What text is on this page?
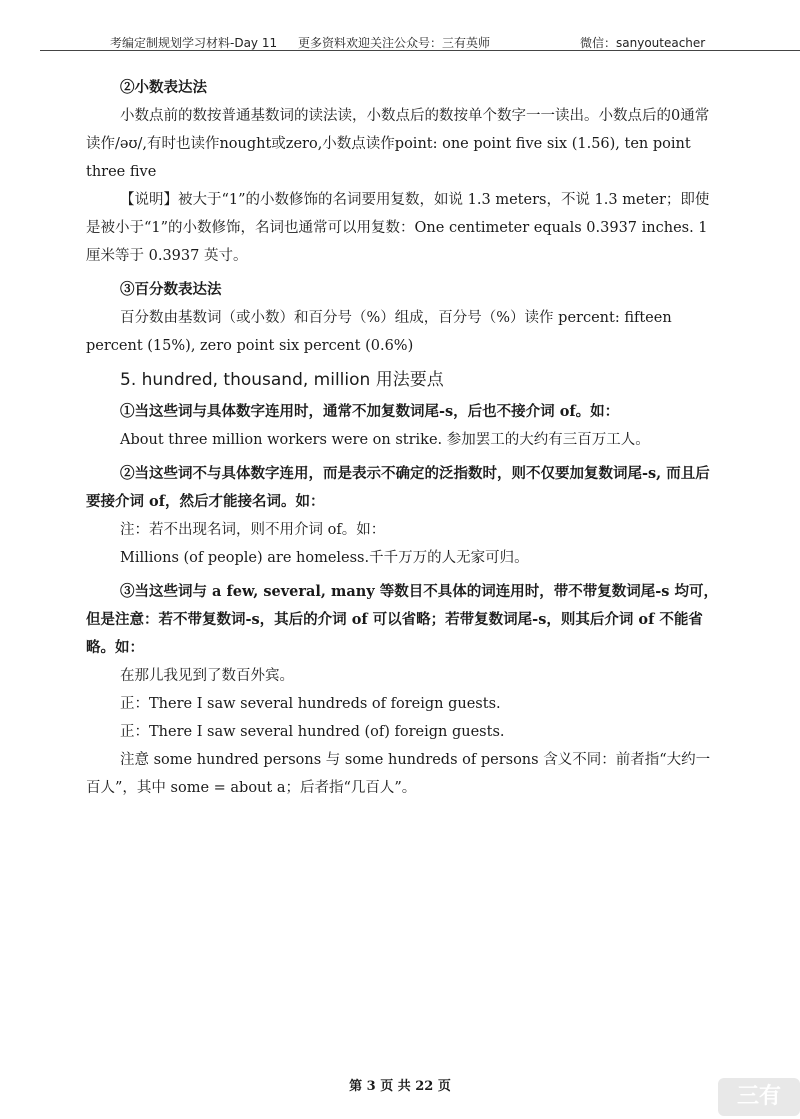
考编定制规划学习材料-Day 11 更多资料欢迎关注公众号：三有英师	微信：sanyouteacher

②小数表达法

小数点前的数按普通基数词的读法读，小数点后的数按单个数字一一读出。小数点后的0通常读作/əʊ/,有时也读作nought或zero,小数点读作point: one point five six (1.56), ten point three five

【说明】被大于“1”的小数修饰的名词要用复数，如说 1.3 meters，不说 1.3 meter；即使是被小于“1”的小数修饰，名词也通常可以用复数：One centimeter equals 0.3937 inches. 1 厘米等于 0.3937 英寸。

③百分数表达法

百分数由基数词（或小数）和百分号（%）组成，百分号（%）读作 percent: fifteen percent (15%), zero point six percent (0.6%)

5. hundred, thousand, million 用法要点

①当这些词与具体数字连用时，通常不加复数词尾-s，后也不接介词 of。如：

About three million workers were on strike. 参加罢工的大约有三百万工人。

②当这些词不与具体数字连用，而是表示不确定的泛指数时，则不仅要加复数词尾-s, 而且后要接介词 of，然后才能接名词。如：

注：若不出现名词，则不用介词 of。如：

Millions (of people) are homeless.千千万万的人无家可归。

③当这些词与 a few, several, many 等数目不具体的词连用时，带不带复数词尾-s 均可，但是注意：若不带复数词-s，其后的介词 of 可以省略；若带复数词尾-s，则其后介词 of 不能省略。如：

在那儿我见到了数百外宾。

正：There I saw several hundreds of foreign guests.

正：There I saw several hundred (of) foreign guests.

注意 some hundred persons 与 some hundreds of persons 含义不同：前者指“大约一百人”，其中 some = about a；后者指“几百人”。

第 3 页 共 22 页	三有
